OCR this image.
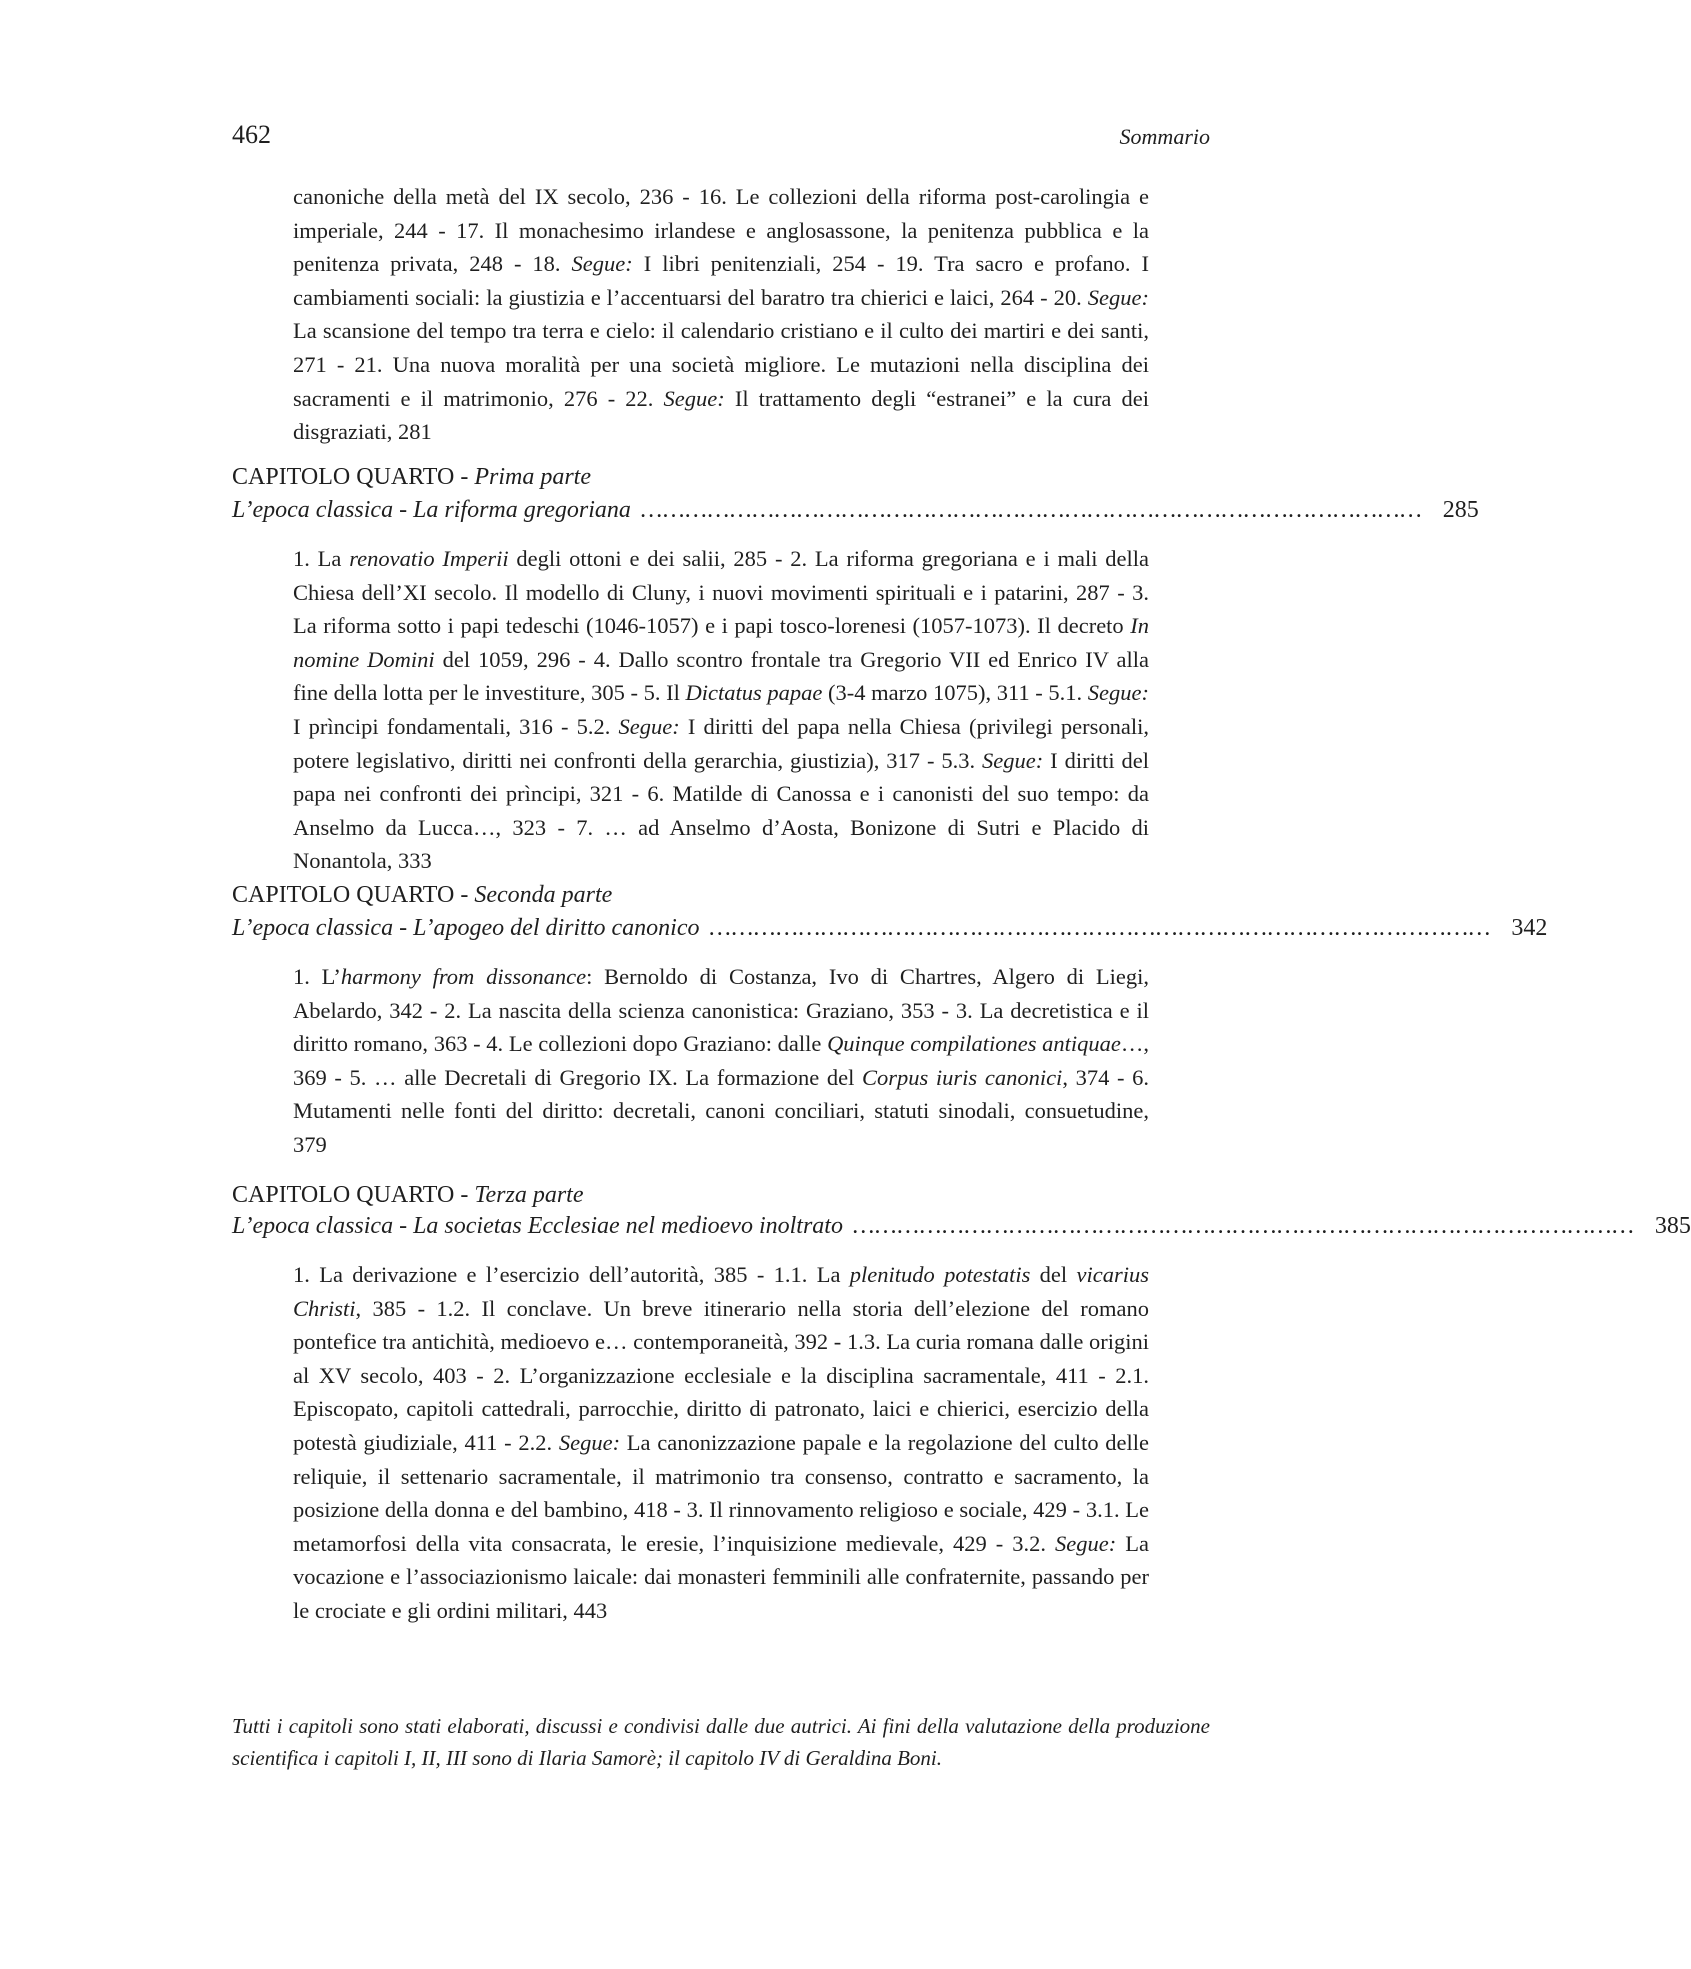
462	Sommario

canoniche della metà del IX secolo, 236 - 16. Le collezioni della riforma post-carolingia e imperiale, 244 - 17. Il monachesimo irlandese e anglosassone, la penitenza pubblica e la penitenza privata, 248 - 18. Segue: I libri penitenziali, 254 - 19. Tra sacro e profano. I cambiamenti sociali: la giustizia e l’accentuarsi del baratro tra chierici e laici, 264 - 20. Segue: La scansione del tempo tra terra e cielo: il calendario cristiano e il culto dei martiri e dei santi, 271 - 21. Una nuova moralità per una società migliore. Le mutazioni nella disciplina dei sacramenti e il matrimonio, 276 - 22. Segue: Il trattamento degli “estranei” e la cura dei disgraziati, 281

CAPITOLO QUARTO - Prima parte
L’epoca classica - La riforma gregoriana …………………………………………………………………………………………… 285

1. La renovatio Imperii degli ottoni e dei salii, 285 - 2. La riforma gregoriana e i mali della Chiesa dell’XI secolo. Il modello di Cluny, i nuovi movimenti spirituali e i patarini, 287 - 3. La riforma sotto i papi tedeschi (1046-1057) e i papi tosco-lorenesi (1057-1073). Il decreto In nomine Domini del 1059, 296 - 4. Dallo scontro frontale tra Gregorio VII ed Enrico IV alla fine della lotta per le investiture, 305 - 5. Il Dictatus papae (3-4 marzo 1075), 311 - 5.1. Segue: I prìncipi fondamentali, 316 - 5.2. Segue: I diritti del papa nella Chiesa (privilegi personali, potere legislativo, diritti nei confronti della gerarchia, giustizia), 317 - 5.3. Segue: I diritti del papa nei confronti dei prìncipi, 321 - 6. Matilde di Canossa e i canonisti del suo tempo: da Anselmo da Lucca…, 323 - 7. … ad Anselmo d’Aosta, Bonizone di Sutri e Placido di Nonantola, 333

CAPITOLO QUARTO - Seconda parte
L’epoca classica - L’apogeo del diritto canonico …………………………………………………………………………………………… 342

1. L’harmony from dissonance: Bernoldo di Costanza, Ivo di Chartres, Algero di Liegi, Abelardo, 342 - 2. La nascita della scienza canonistica: Graziano, 353 - 3. La decretistica e il diritto romano, 363 - 4. Le collezioni dopo Graziano: dalle Quinque compilationes antiquae…, 369 - 5. … alle Decretali di Gregorio IX. La formazione del Corpus iuris canonici, 374 - 6. Mutamenti nelle fonti del diritto: decretali, canoni conciliari, statuti sinodali, consuetudine, 379

CAPITOLO QUARTO - Terza parte
L’epoca classica - La societas Ecclesiae nel medioevo inoltrato …………………………………………………………………………………………… 385

1. La derivazione e l’esercizio dell’autorità, 385 - 1.1. La plenitudo potestatis del vicarius Christi, 385 - 1.2. Il conclave. Un breve itinerario nella storia dell’elezione del romano pontefice tra antichità, medioevo e… contemporaneità, 392 - 1.3. La curia romana dalle origini al XV secolo, 403 - 2. L’organizzazione ecclesiale e la disciplina sacramentale, 411 - 2.1. Episcopato, capitoli cattedrali, parrocchie, diritto di patronato, laici e chierici, esercizio della potestà giudiziale, 411 - 2.2. Segue: La canonizzazione papale e la regolazione del culto delle reliquie, il settenario sacramentale, il matrimonio tra consenso, contratto e sacramento, la posizione della donna e del bambino, 418 - 3. Il rinnovamento religioso e sociale, 429 - 3.1. Le metamorfosi della vita consacrata, le eresie, l’inquisizione medievale, 429 - 3.2. Segue: La vocazione e l’associazionismo laicale: dai monasteri femminili alle confraternite, passando per le crociate e gli ordini militari, 443

Tutti i capitoli sono stati elaborati, discussi e condivisi dalle due autrici. Ai fini della valutazione della produzione scientifica i capitoli I, II, III sono di Ilaria Samorè; il capitolo IV di Geraldina Boni.
